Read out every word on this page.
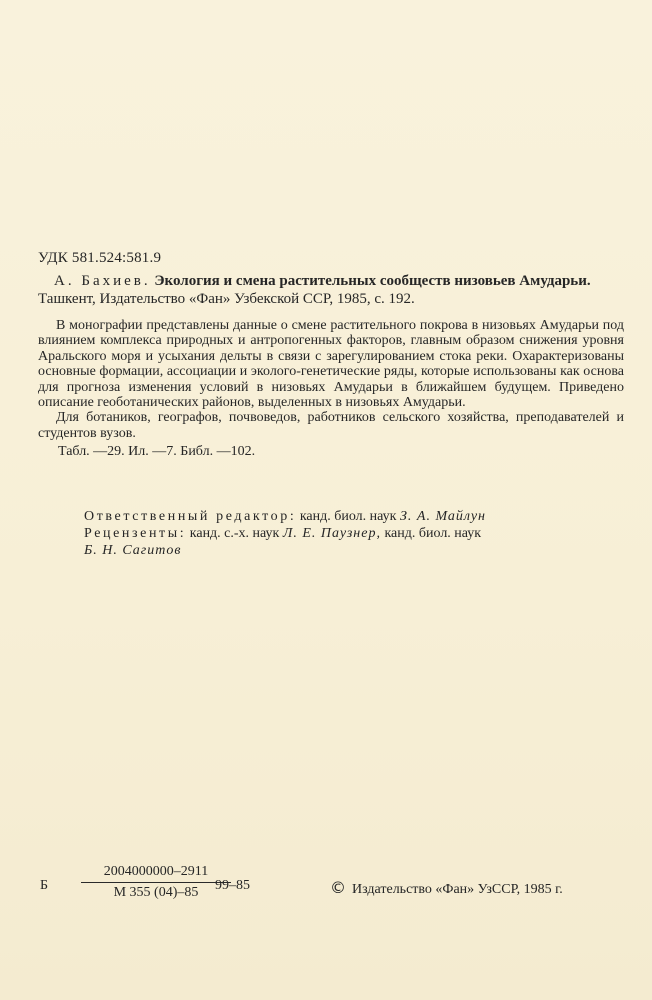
УДК 581.524:581.9
А. Бахиев. Экология и смена растительных сообществ низовьев Амударьи.
Ташкент, Издательство «Фан» Узбекской ССР, 1985, с. 192.

В монографии представлены данные о смене растительного покрова в низовьях Амударьи под влиянием комплекса природных и антропогенных факторов, главным образом снижения уровня Аральского моря и усыхания дельты в связи с зарегулированием стока реки. Охарактеризованы основные формации, ассоциации и эколого-генетические ряды, которые использованы как основа для прогноза изменения условий в низовьях Амударьи в ближайшем будущем. Приведено описание геоботанических районов, выделенных в низовьях Амударьи.

Для ботаников, географов, почвоведов, работников сельского хозяйства, преподавателей и студентов вузов.

Табл. —29. Ил. —7. Библ. —102.
Ответственный редактор: канд. биол. наук З. А. Майлун
Рецензенты: канд. с.-х. наук Л. Е. Паузнер, канд. биол. наук
Б. Н. Сагитов
Б
2004000000–2911
М 355 (04)–85	99–85	© Издательство «Фан» УзССР, 1985 г.
